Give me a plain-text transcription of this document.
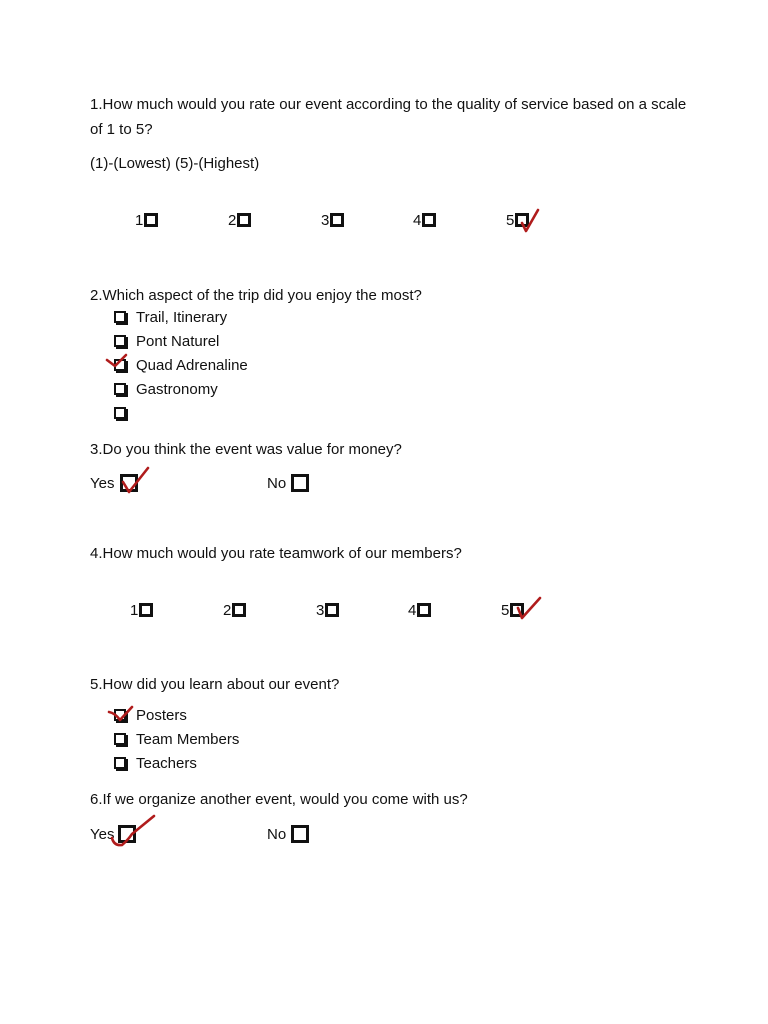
1.How much would you rate our event according to the quality of service based on a scale of 1 to 5?

(1)-(Lowest) (5)-(Highest)
1	2	3	4	5

2.Which aspect of the trip did you enjoy the most?

Trail, Itinerary
Pont Naturel
Quad Adrenaline
Gastronomy

3.Do you think the event was value for money?

Yes	No

4.How much would you rate teamwork of our members?

1	2	3	4	5

5.How did you learn about our event?

Posters
Team Members
Teachers

6.If we organize another event, would you come with us?

Yes	No
